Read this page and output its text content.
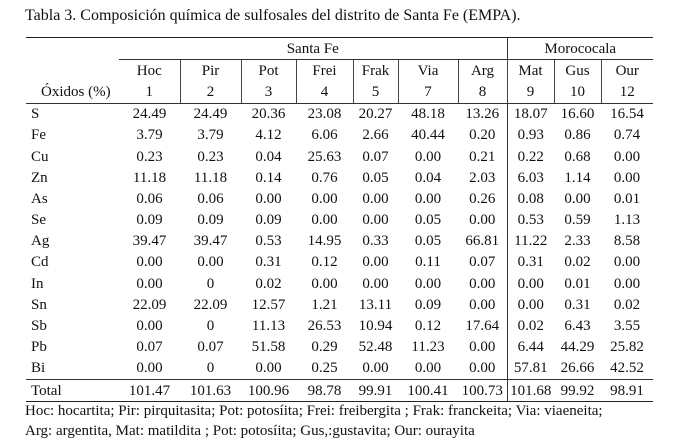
Tabla 3. Composición química de sulfosales del distrito de Santa Fe (EMPA).
	Santa Fe							Morococala		
	Hoc	Pir	Pot	Frei	Frak	Via	Arg	Mat	Gus	Our
Óxidos (%)	1	2	3	4	5	7	8	9	10	12
S	24.49	24.49	20.36	23.08	20.27	48.18	13.26	18.07	16.60	16.54
Fe	3.79	3.79	4.12	6.06	2.66	40.44	0.20	0.93	0.86	0.74
Cu	0.23	0.23	0.04	25.63	0.07	0.00	0.21	0.22	0.68	0.00
Zn	11.18	11.18	0.14	0.76	0.05	0.04	2.03	6.03	1.14	0.00
As	0.06	0.06	0.00	0.00	0.00	0.00	0.26	0.08	0.00	0.01
Se	0.09	0.09	0.09	0.00	0.00	0.05	0.00	0.53	0.59	1.13
Ag	39.47	39.47	0.53	14.95	0.33	0.05	66.81	11.22	2.33	8.58
Cd	0.00	0.00	0.31	0.12	0.00	0.11	0.07	0.31	0.02	0.00
In	0.00	0	0.02	0.00	0.00	0.00	0.00	0.00	0.01	0.00
Sn	22.09	22.09	12.57	1.21	13.11	0.09	0.00	0.00	0.31	0.02
Sb	0.00	0	11.13	26.53	10.94	0.12	17.64	0.02	6.43	3.55
Pb	0.07	0.07	51.58	0.29	52.48	11.23	0.00	6.44	44.29	25.82
Bi	0.00	0	0.00	0.25	0.00	0.00	0.00	57.81	26.66	42.52
Total	101.47	101.63	100.96	98.78	99.91	100.41	100.73	101.68	99.92	98.91
Hoc: hocartita; Pir: pirquitasita; Pot: potosíita; Frei: freibergita ; Frak: franckeita; Via: viaeneita;
Arg: argentita, Mat: matildita ; Pot: potosíita; Gus,:gustavita; Our: ourayita
